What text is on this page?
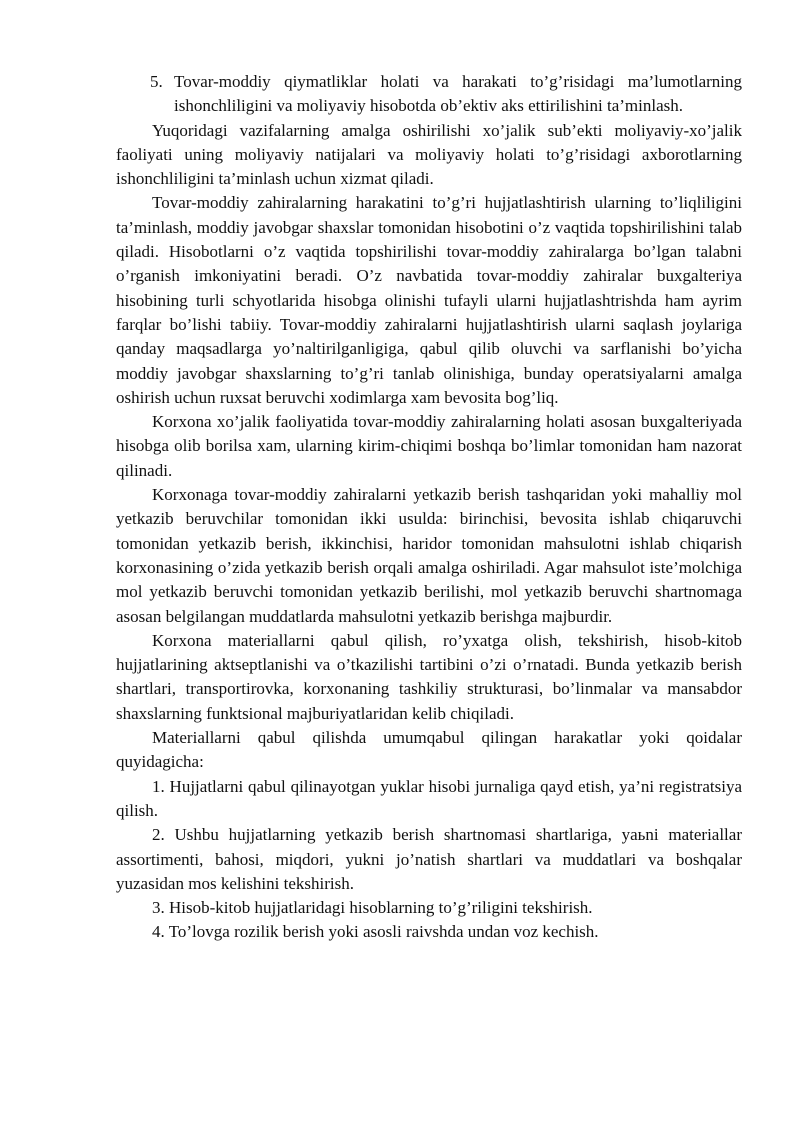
5. Tovar-moddiy qiymatliklar holati va harakati to’g’risidagi ma’lumotlarning ishonchliligini va moliyaviy hisobotda ob’ektiv aks ettirilishini ta’minlash.

Yuqoridagi vazifalarning amalga oshirilishi xo’jalik sub’ekti moliyaviy-xo’jalik faoliyati uning moliyaviy natijalari va moliyaviy holati to’g’risidagi axborotlarning ishonchliligini ta’minlash uchun xizmat qiladi.

Tovar-moddiy zahiralarning harakatini to’g’ri hujjatlashtirish ularning to’liqliligini ta’minlash, moddiy javobgar shaxslar tomonidan hisobotini o’z vaqtida topshirilishini talab qiladi. Hisobotlarni o’z vaqtida topshirilishi tovar-moddiy zahiralarga bo’lgan talabni o’rganish imkoniyatini beradi. O’z navbatida tovar-moddiy zahiralar buxgalteriya hisobining turli schyotlarida hisobga olinishi tufayli ularni hujjatlashtrishda ham ayrim farqlar bo’lishi tabiiy. Tovar-moddiy zahiralarni hujjatlashtirish ularni saqlash joylariga qanday maqsadlarga yo’naltirilganligiga, qabul qilib oluvchi va sarflanishi bo’yicha moddiy javobgar shaxslarning to’g’ri tanlab olinishiga, bunday operatsiyalarni amalga oshirish uchun ruxsat beruvchi xodimlarga xam bevosita bog’liq.

Korxona xo’jalik faoliyatida tovar-moddiy zahiralarning holati asosan buxgalteriyada hisobga olib borilsa xam, ularning kirim-chiqimi boshqa bo’limlar tomonidan ham nazorat qilinadi.

Korxonaga tovar-moddiy zahiralarni yetkazib berish tashqaridan yoki mahalliy mol yetkazib beruvchilar tomonidan ikki usulda: birinchisi, bevosita ishlab chiqaruvchi tomonidan yetkazib berish, ikkinchisi, haridor tomonidan mahsulotni ishlab chiqarish korxonasining o’zida yetkazib berish orqali amalga oshiriladi. Agar mahsulot iste’molchiga mol yetkazib beruvchi tomonidan yetkazib berilishi, mol yetkazib beruvchi shartnomaga asosan belgilangan muddatlarda mahsulotni yetkazib berishga majburdir.

Korxona materiallarni qabul qilish, ro’yxatga olish, tekshirish, hisob-kitob hujjatlarining aktseptlanishi va o’tkazilishi tartibini o’zi o’rnatadi. Bunda yetkazib berish shartlari, transportirovka, korxonaning tashkiliy strukturasi, bo’linmalar va mansabdor shaxslarning funktsional majburiyatlaridan kelib chiqiladi.

Materiallarni qabul qilishda umumqabul qilingan harakatlar yoki qoidalar quyidagicha:

1. Hujjatlarni qabul qilinayotgan yuklar hisobi jurnaliga qayd etish, ya’ni registratsiya qilish.

2. Ushbu hujjatlarning yetkazib berish shartnomasi shartlariga, yaьni materiallar assortimenti, bahosi, miqdori, yukni jo’natish shartlari va muddatlari va boshqalar yuzasidan mos kelishini tekshirish.

3. Hisob-kitob hujjatlaridagi hisoblarning to’g’riligini tekshirish.

4. To’lovga rozilik berish yoki asosli raivshda undan voz kechish.
